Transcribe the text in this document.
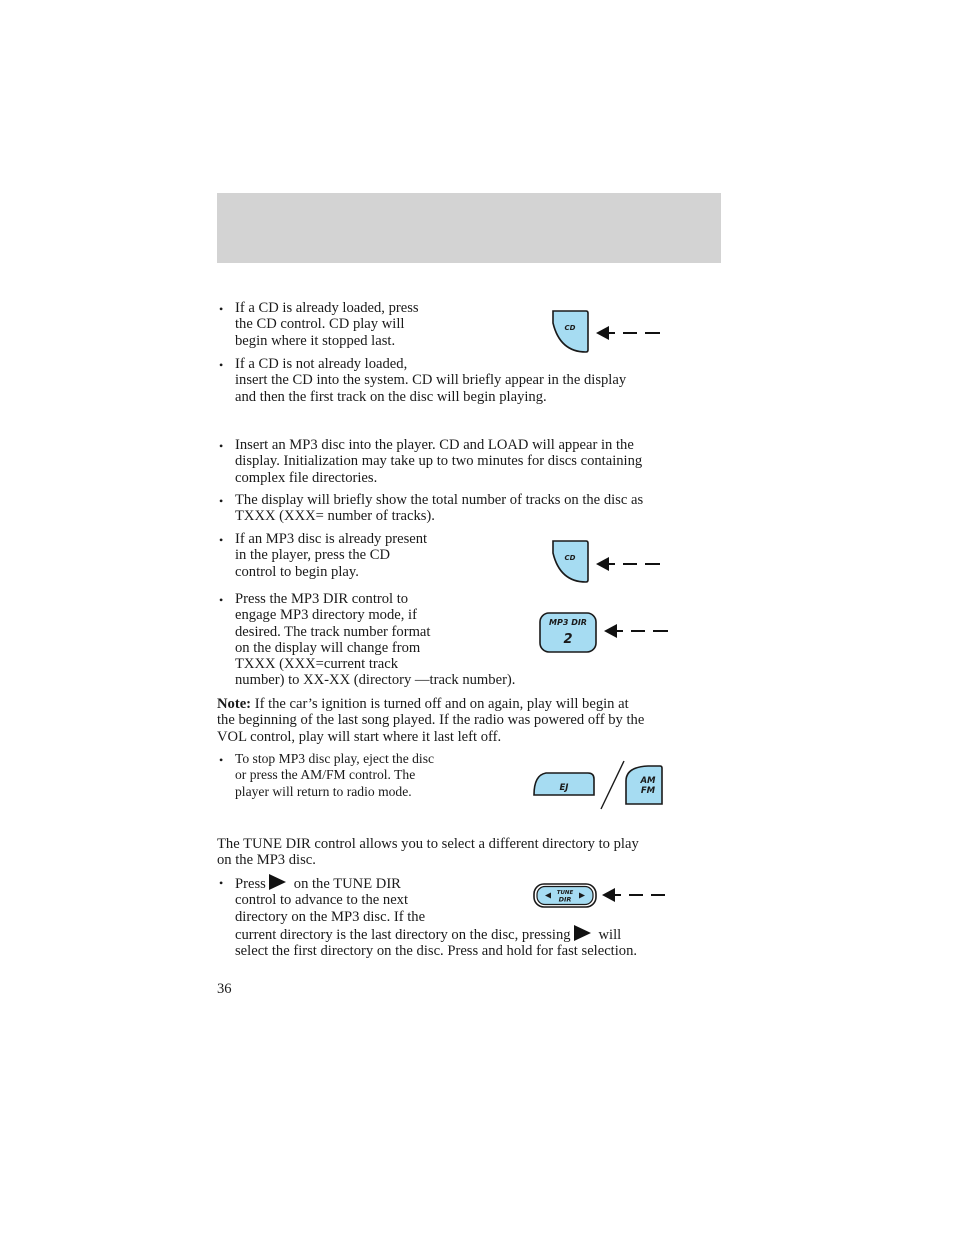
• If a CD is already loaded, press
the CD control. CD play will
begin where it stopped last.
CD
• If a CD is not already loaded,
insert the CD into the system. CD will briefly appear in the display
and then the first track on the disc will begin playing.
• Insert an MP3 disc into the player. CD and LOAD will appear in the
display. Initialization may take up to two minutes for discs containing
complex file directories.
• The display will briefly show the total number of tracks on the disc as
TXXX (XXX= number of tracks).
• If an MP3 disc is already present
in the player, press the CD
control to begin play.
CD
• Press the MP3 DIR control to
engage MP3 directory mode, if
desired. The track number format
on the display will change from
TXXX (XXX=current track
number) to XX-XX (directory —track number).
MP3 DIR
2
Note: If the car’s ignition is turned off and on again, play will begin at
the beginning of the last song played. If the radio was powered off by the
VOL control, play will start where it last left off.
• To stop MP3 disc play, eject the disc
or press the AM/FM control. The
player will return to radio mode.	EJ
AM
FM
The TUNE DIR control allows you to select a different directory to play
on the MP3 disc.
• Press on the TUNE DIR
control to advance to the next
directory on the MP3 disc. If the
current directory is the last directory on the disc, pressing will
select the first directory on the disc. Press and hold for fast selection.
TUNE
DIR
36
